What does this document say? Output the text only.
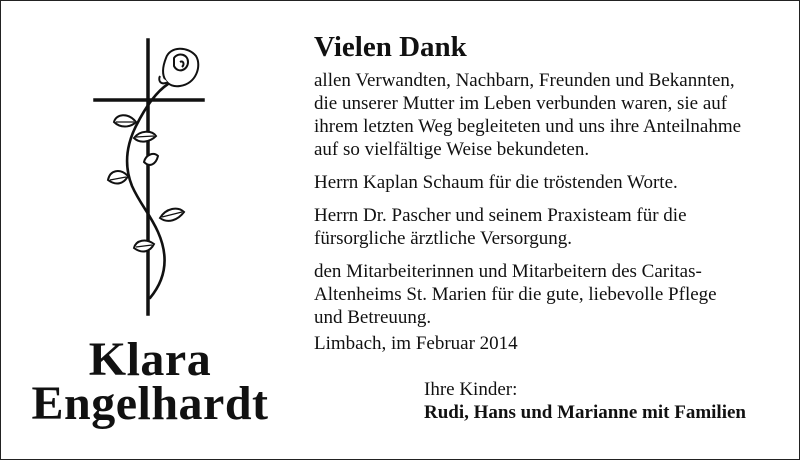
Klara
Engelhardt
Vielen Dank
allen Verwandten, Nachbarn, Freunden und Bekannten,
die unserer Mutter im Leben verbunden waren, sie auf
ihrem letzten Weg begleiteten und uns ihre Anteilnahme
auf so vielfältige Weise bekundeten.
Herrn Kaplan Schaum für die tröstenden Worte.
Herrn Dr. Pascher und seinem Praxisteam für die
fürsorgliche ärztliche Versorgung.
den Mitarbeiterinnen und Mitarbeitern des Caritas-
Altenheims St. Marien für die gute, liebevolle Pflege
und Betreuung.
Limbach, im Februar 2014
Ihre Kinder:
Rudi, Hans und Marianne mit Familien
